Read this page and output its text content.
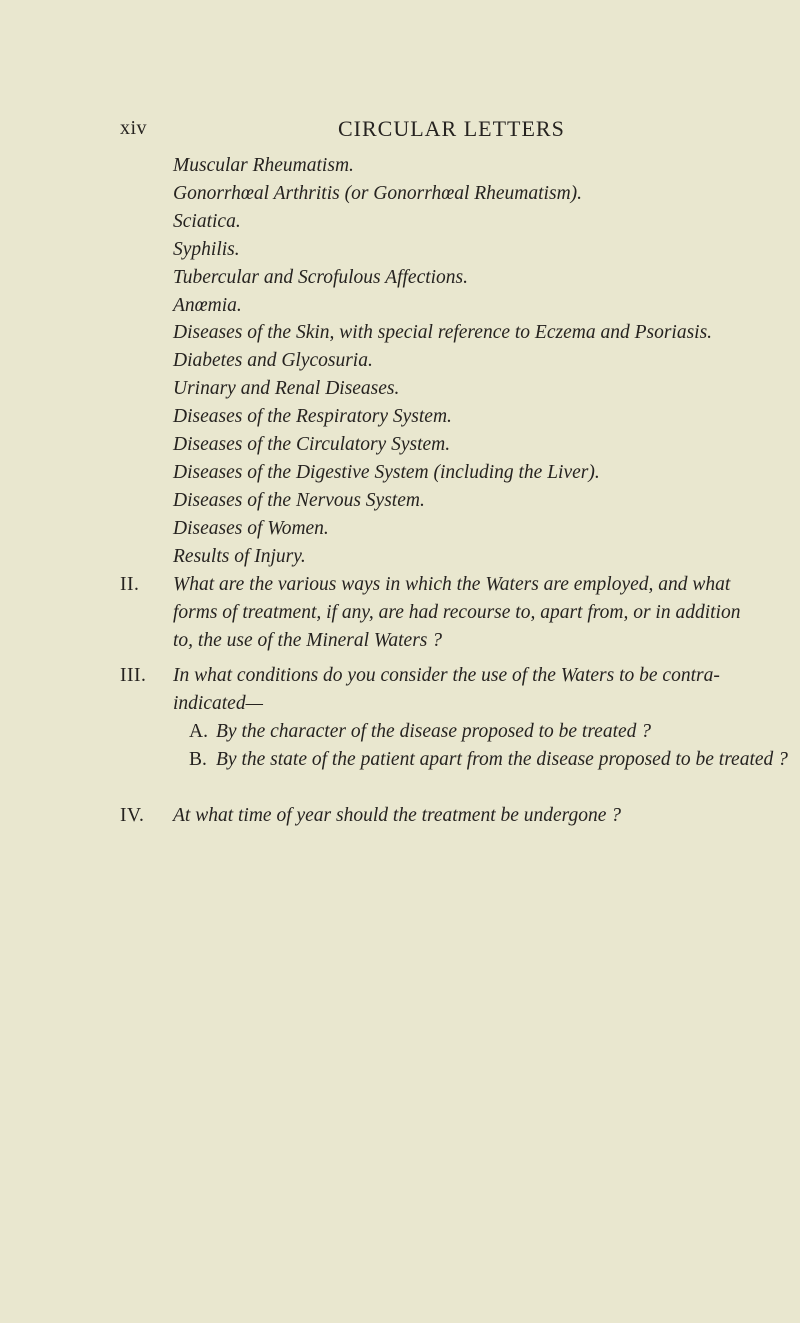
xiv	CIRCULAR LETTERS
Muscular Rheumatism.
Gonorrhœal Arthritis (or Gonorrhœal Rheumatism).
Sciatica.
Syphilis.
Tubercular and Scrofulous Affections.
Anœmia.
Diseases of the Skin, with special reference to Eczema and Psoriasis.
Diabetes and Glycosuria.
Urinary and Renal Diseases.
Diseases of the Respiratory System.
Diseases of the Circulatory System.
Diseases of the Digestive System (including the Liver).
Diseases of the Nervous System.
Diseases of Women.
Results of Injury.
II. What are the various ways in which the Waters are employed, and what forms of treatment, if any, are had recourse to, apart from, or in addition to, the use of the Mineral Waters ?
III. In what conditions do you consider the use of the Waters to be contra-indicated—
A. By the character of the disease proposed to be treated ?
B. By the state of the patient apart from the disease proposed to be treated ?
IV. At what time of year should the treatment be undergone ?
